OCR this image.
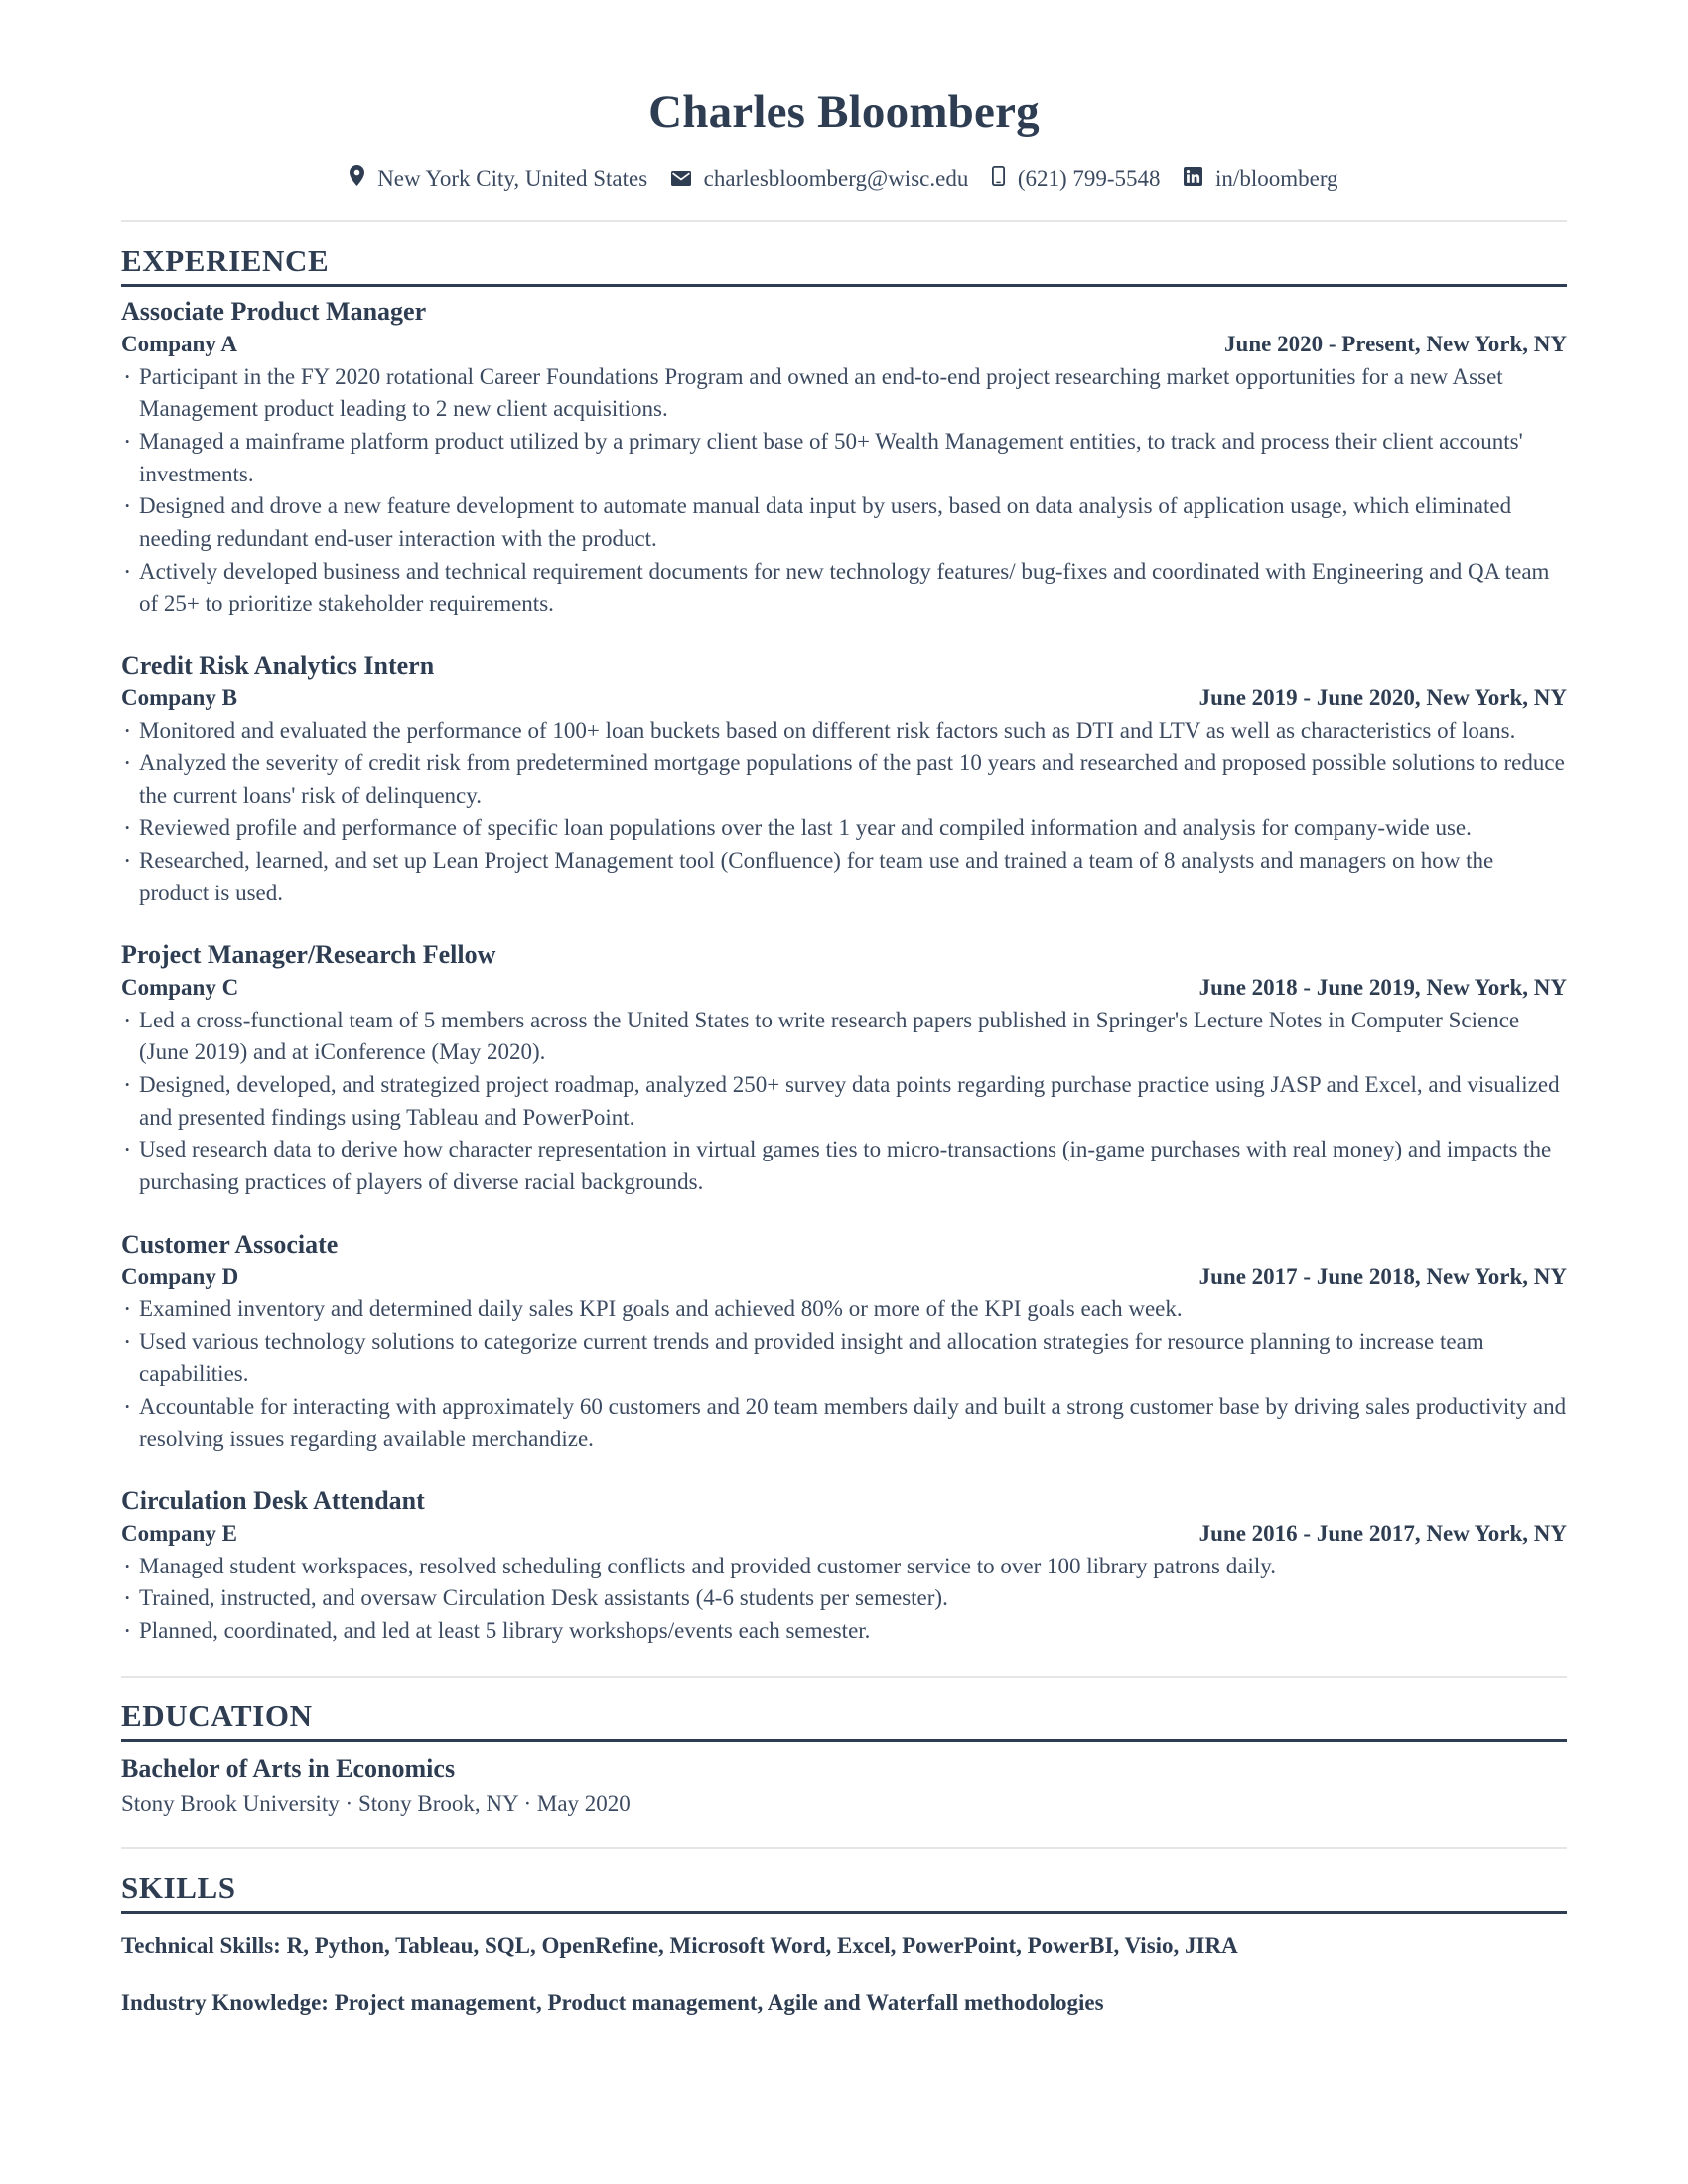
Charles Bloomberg
New York City, United States charlesbloomberg@wisc.edu (621) 799-5548 in/bloomberg
EXPERIENCE
Associate Product Manager
Company A	June 2020 - Present, New York, NY

· Participant in the FY 2020 rotational Career Foundations Program and owned an end-to-end project researching market opportunities for a new Asset Management product leading to 2 new client acquisitions.

· Managed a mainframe platform product utilized by a primary client base of 50+ Wealth Management entities, to track and process their client accounts' investments.

· Designed and drove a new feature development to automate manual data input by users, based on data analysis of application usage, which eliminated needing redundant end-user interaction with the product.

· Actively developed business and technical requirement documents for new technology features/ bug-fixes and coordinated with Engineering and QA team of 25+ to prioritize stakeholder requirements.

Credit Risk Analytics Intern
Company B	June 2019 - June 2020, New York, NY

· Monitored and evaluated the performance of 100+ loan buckets based on different risk factors such as DTI and LTV as well as characteristics of loans.

· Analyzed the severity of credit risk from predetermined mortgage populations of the past 10 years and researched and proposed possible solutions to reduce the current loans' risk of delinquency.

· Reviewed profile and performance of specific loan populations over the last 1 year and compiled information and analysis for company-wide use.

· Researched, learned, and set up Lean Project Management tool (Confluence) for team use and trained a team of 8 analysts and managers on how the product is used.

Project Manager/Research Fellow
Company C	June 2018 - June 2019, New York, NY

· Led a cross-functional team of 5 members across the United States to write research papers published in Springer's Lecture Notes in Computer Science (June 2019) and at iConference (May 2020).

· Designed, developed, and strategized project roadmap, analyzed 250+ survey data points regarding purchase practice using JASP and Excel, and visualized and presented findings using Tableau and PowerPoint.

· Used research data to derive how character representation in virtual games ties to micro-transactions (in-game purchases with real money) and impacts the purchasing practices of players of diverse racial backgrounds.

Customer Associate
Company D	June 2017 - June 2018, New York, NY

· Examined inventory and determined daily sales KPI goals and achieved 80% or more of the KPI goals each week.

· Used various technology solutions to categorize current trends and provided insight and allocation strategies for resource planning to increase team capabilities.

· Accountable for interacting with approximately 60 customers and 20 team members daily and built a strong customer base by driving sales productivity and resolving issues regarding available merchandize.

Circulation Desk Attendant
Company E	June 2016 - June 2017, New York, NY

· Managed student workspaces, resolved scheduling conflicts and provided customer service to over 100 library patrons daily.

· Trained, instructed, and oversaw Circulation Desk assistants (4-6 students per semester).

· Planned, coordinated, and led at least 5 library workshops/events each semester.

EDUCATION
Bachelor of Arts in Economics
Stony Brook University · Stony Brook, NY · May 2020
SKILLS
Technical Skills: R, Python, Tableau, SQL, OpenRefine, Microsoft Word, Excel, PowerPoint, PowerBI, Visio, JIRA
Industry Knowledge: Project management, Product management, Agile and Waterfall methodologies
